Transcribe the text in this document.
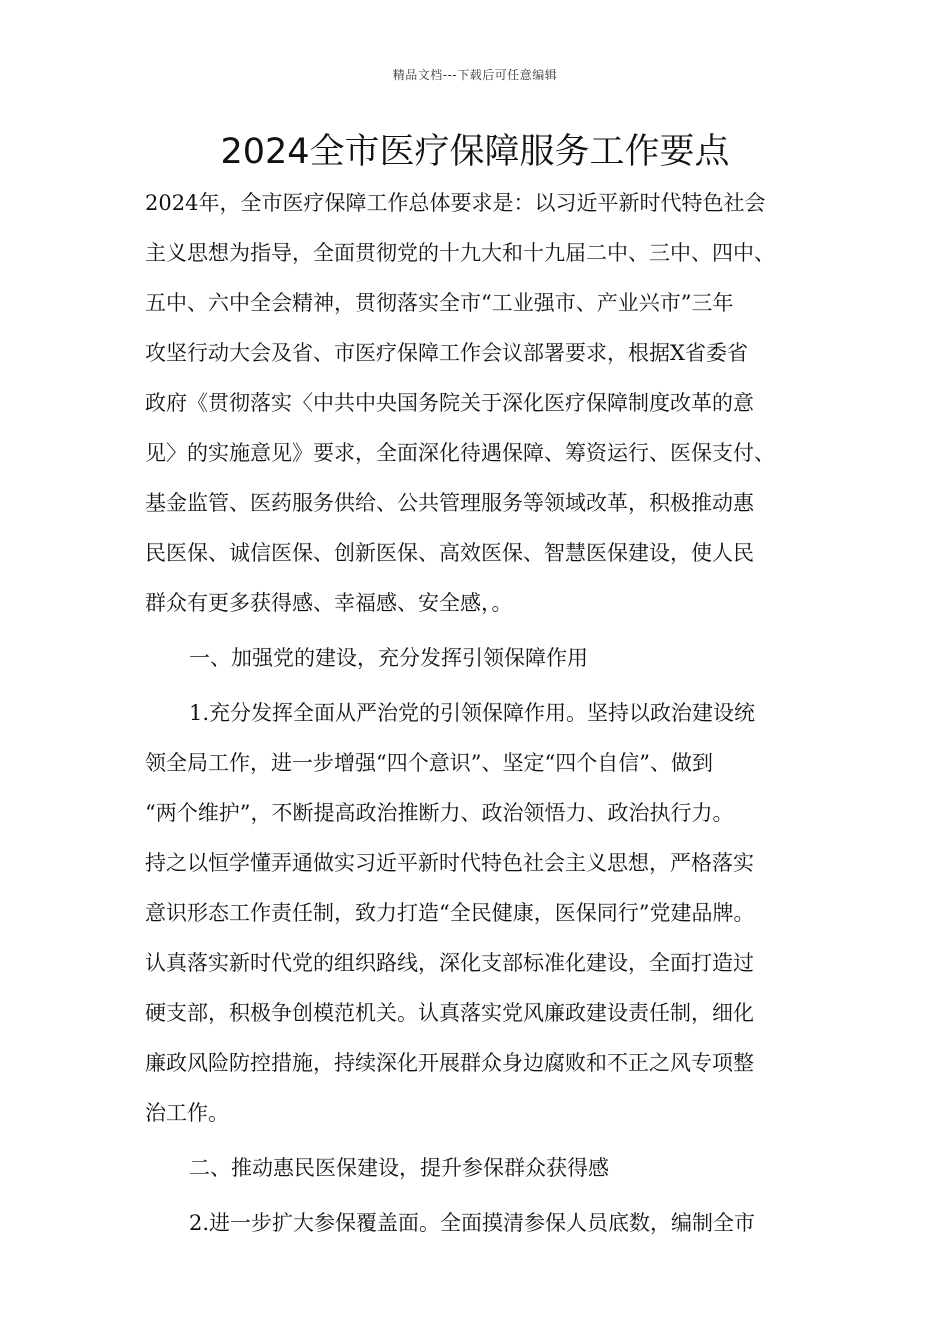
精品文档---下载后可任意编辑
2024全市医疗保障服务工作要点
2024年，全市医疗保障工作总体要求是：以习近平新时代特色社会
主义思想为指导，全面贯彻党的十九大和十九届二中、三中、四中、
五中、六中全会精神，贯彻落实全市“工业强市、产业兴市”三年
攻坚行动大会及省、市医疗保障工作会议部署要求，根据X省委省
政府《贯彻落实〈中共中央国务院关于深化医疗保障制度改革的意
见〉的实施意见》要求，全面深化待遇保障、筹资运行、医保支付、
基金监管、医药服务供给、公共管理服务等领域改革，积极推动惠
民医保、诚信医保、创新医保、高效医保、智慧医保建设，使人民
群众有更多获得感、幸福感、安全感，。
一、加强党的建设，充分发挥引领保障作用
1.充分发挥全面从严治党的引领保障作用。坚持以政治建设统
领全局工作，进一步增强“四个意识”、坚定“四个自信”、做到
“两个维护”，不断提高政治推断力、政治领悟力、政治执行力。
持之以恒学懂弄通做实习近平新时代特色社会主义思想，严格落实
意识形态工作责任制，致力打造“全民健康，医保同行”党建品牌。
认真落实新时代党的组织路线，深化支部标准化建设，全面打造过
硬支部，积极争创模范机关。认真落实党风廉政建设责任制，细化
廉政风险防控措施，持续深化开展群众身边腐败和不正之风专项整
治工作。
二、推动惠民医保建设，提升参保群众获得感
2.进一步扩大参保覆盖面。全面摸清参保人员底数，编制全市
